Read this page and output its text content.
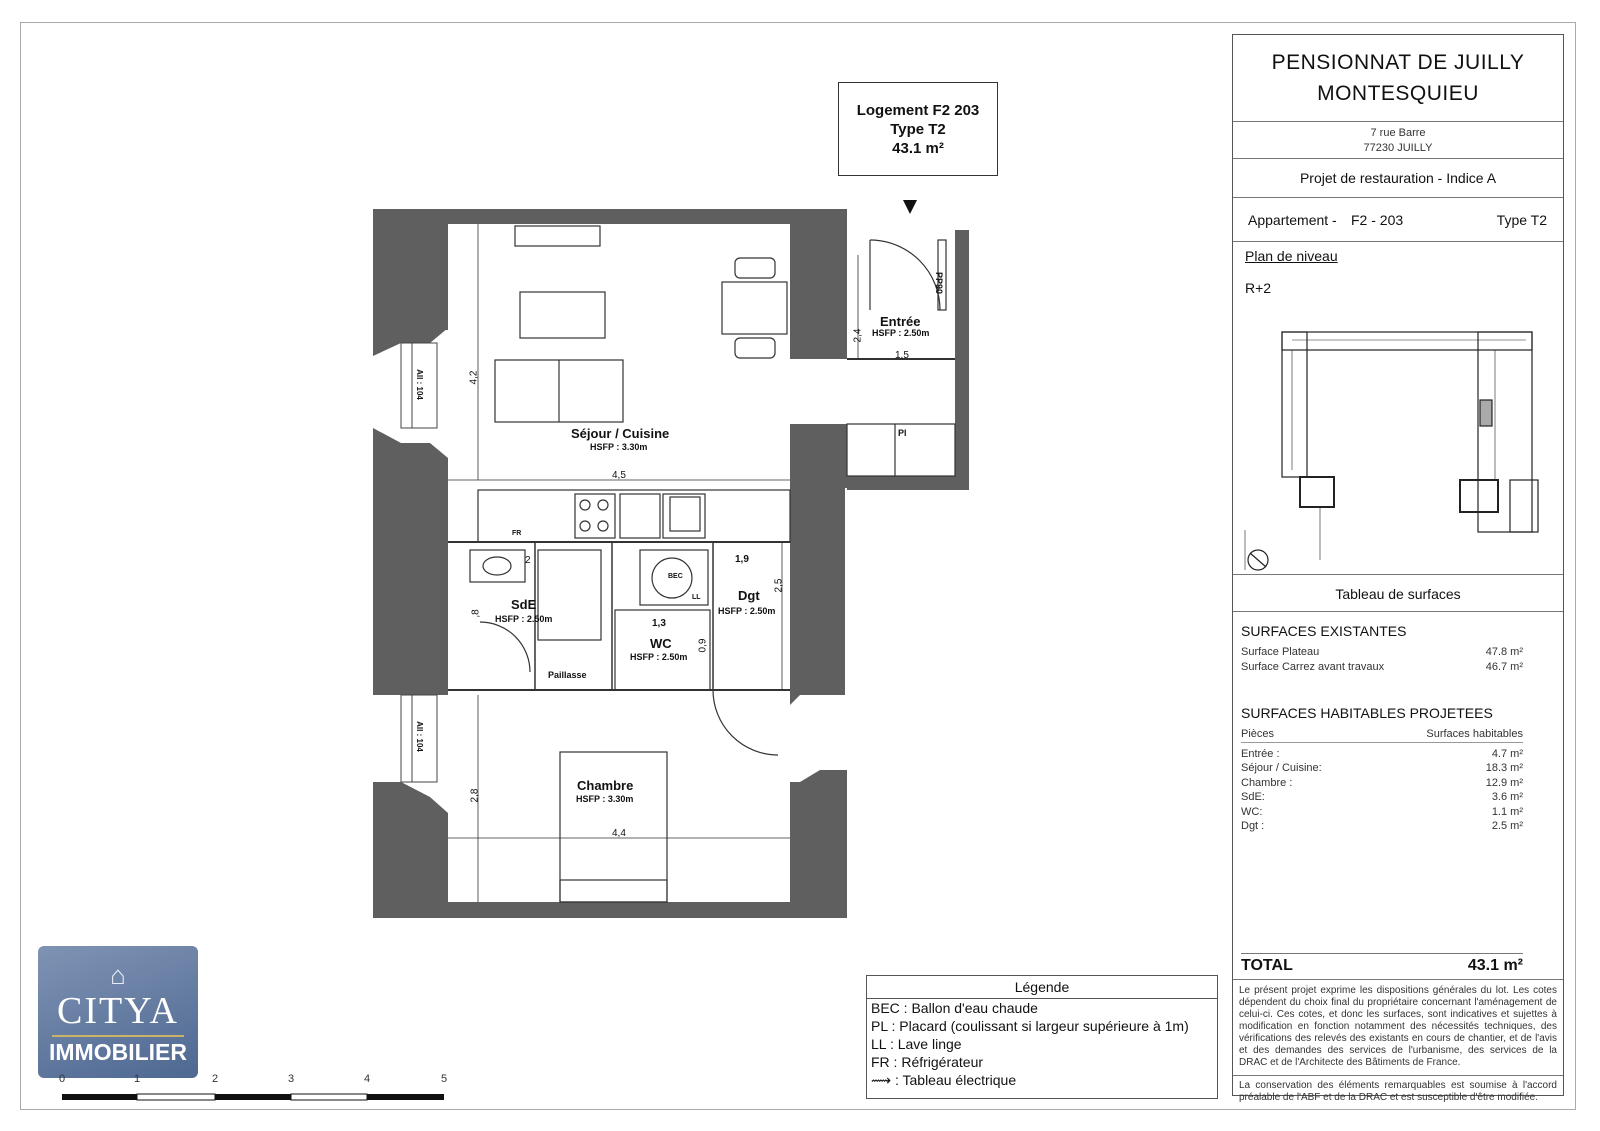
Séjour / Cuisine
HSFP : 3.30m
Entrée
HSFP : 2.50m
SdE
HSFP : 2.50m
WC
HSFP : 2.50m
Dgt
HSFP : 2.50m
Chambre
HSFP : 3.30m
Paillasse
BEC
LL
FR
Pl
PP90
All : 104
All : 104
4,5
4,2
2,4
1,5
1,9
2,5
1,3
0,9
,8
2
2,8
4,4
Logement F2 203
Type T2
43.1 m²
PENSIONNAT DE JUILLY
MONTESQUIEU
7 rue Barre
77230 JUILLY
Projet de restauration - Indice A
Appartement - F2 - 203	Type T2
Plan de niveau
R+2
Tableau de surfaces
SURFACES EXISTANTES
Surface Plateau	47.8 m²
Surface Carrez avant travaux	46.7 m²
SURFACES HABITABLES PROJETEES
Pièces	Surfaces habitables
Entrée :	4.7 m²
Séjour / Cuisine:	18.3 m²
Chambre :	12.9 m²
SdE:	3.6 m²
WC:	1.1 m²
Dgt :	2.5 m²
TOTAL	43.1 m²
Le présent projet exprime les dispositions générales du lot. Les cotes dépendent du choix final du propriétaire concernant l'aménagement de celui-ci. Ces cotes, et donc les surfaces, sont indicatives et sujettes à modification en fonction notamment des nécessités techniques, des vérifications des relevés des existants en cours de chantier, et de l'avis et des demandes des services de l'urbanisme, des services de la DRAC et de l'Architecte des Bâtiments de France.
La conservation des éléments remarquables est soumise à l'accord préalable de l'ABF et de la DRAC et est susceptible d'être modifiée.
Légende
BEC : Ballon d'eau chaude
PL : Placard (coulissant si largeur supérieure à 1m)
LL : Lave linge
FR : Réfrigérateur
⟿ : Tableau électrique
⌂
CITYA
IMMOBILIER
0	1	2	3	4	5
